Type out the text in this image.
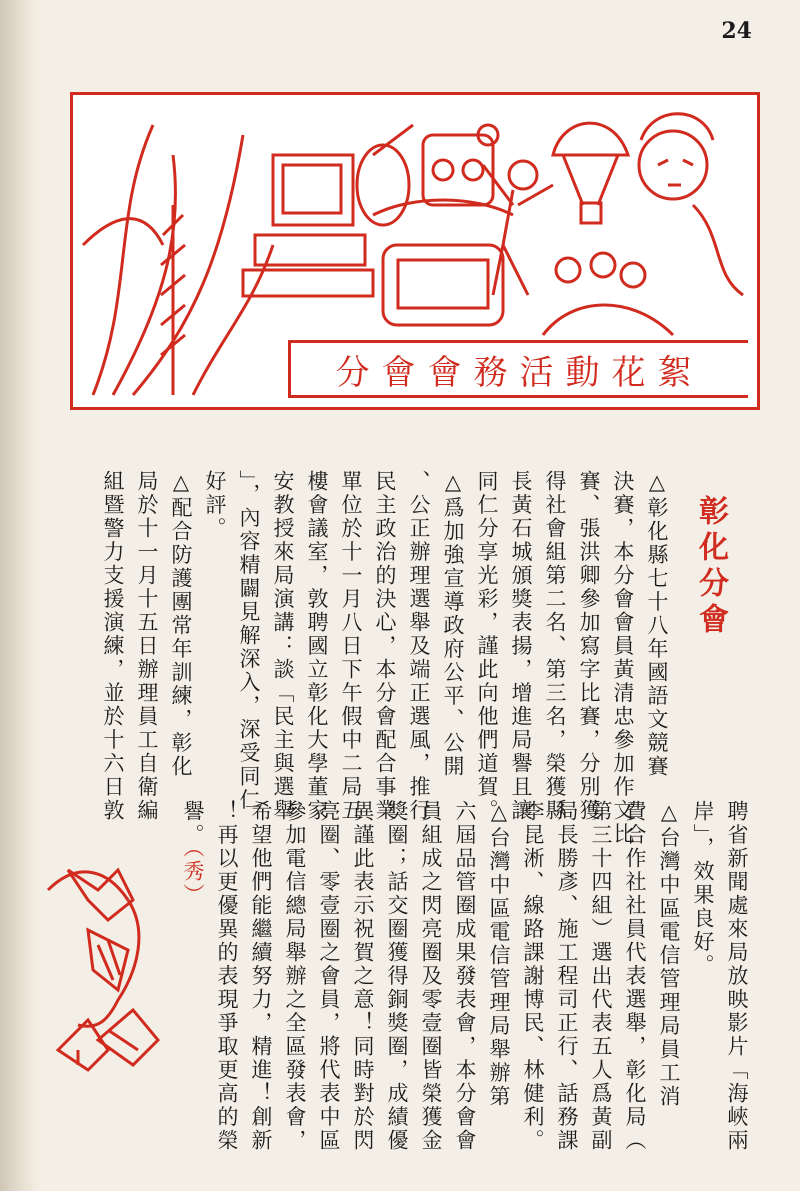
24
分會會務活動花絮
彰化分會
△彰化縣七十八年國語文競賽
決賽，本分會會員黃清忠參加作文比
賽、張洪卿參加寫字比賽，分別獲
得社會組第二名、第三名，榮獲縣
長黃石城頒獎表揚，增進局譽且讓
同仁分享光彩，謹此向他們道賀。
△爲加強宣導政府公平、公開
、公正辦理選舉及端正選風，推行
民主政治的決心，本分會配合事業
單位於十一月八日下午假中二局五
樓會議室，敦聘國立彰化大學董家
安教授來局演講：談「民主與選舉
」，內容精闢見解深入，深受同仁
好評。
△配合防護團常年訓練，彰化
局於十一月十五日辦理員工自衛編
組暨警力支援演練，並於十六日敦
聘省新聞處來局放映影片「海峽兩
岸」，效果良好。
△台灣中區電信管理局員工消
費合作社社員代表選舉，彰化局（
第三十四組）選出代表五人爲黃副
局長勝彥、施工程司正行、話務課
李昆淅、線路課謝博民、林健利。
△台灣中區電信管理局舉辦第
六屆品管圈成果發表會，本分會會
員組成之閃亮圈及零壹圈皆榮獲金
獎圈；話交圈獲得銅獎圈，成績優
異謹此表示祝賀之意！同時對於閃
亮圈、零壹圈之會員，將代表中區
參加電信總局舉辦之全區發表會，
希望他們能繼續努力，精進！創新
！再以更優異的表現爭取更高的榮
譽。（秀）
